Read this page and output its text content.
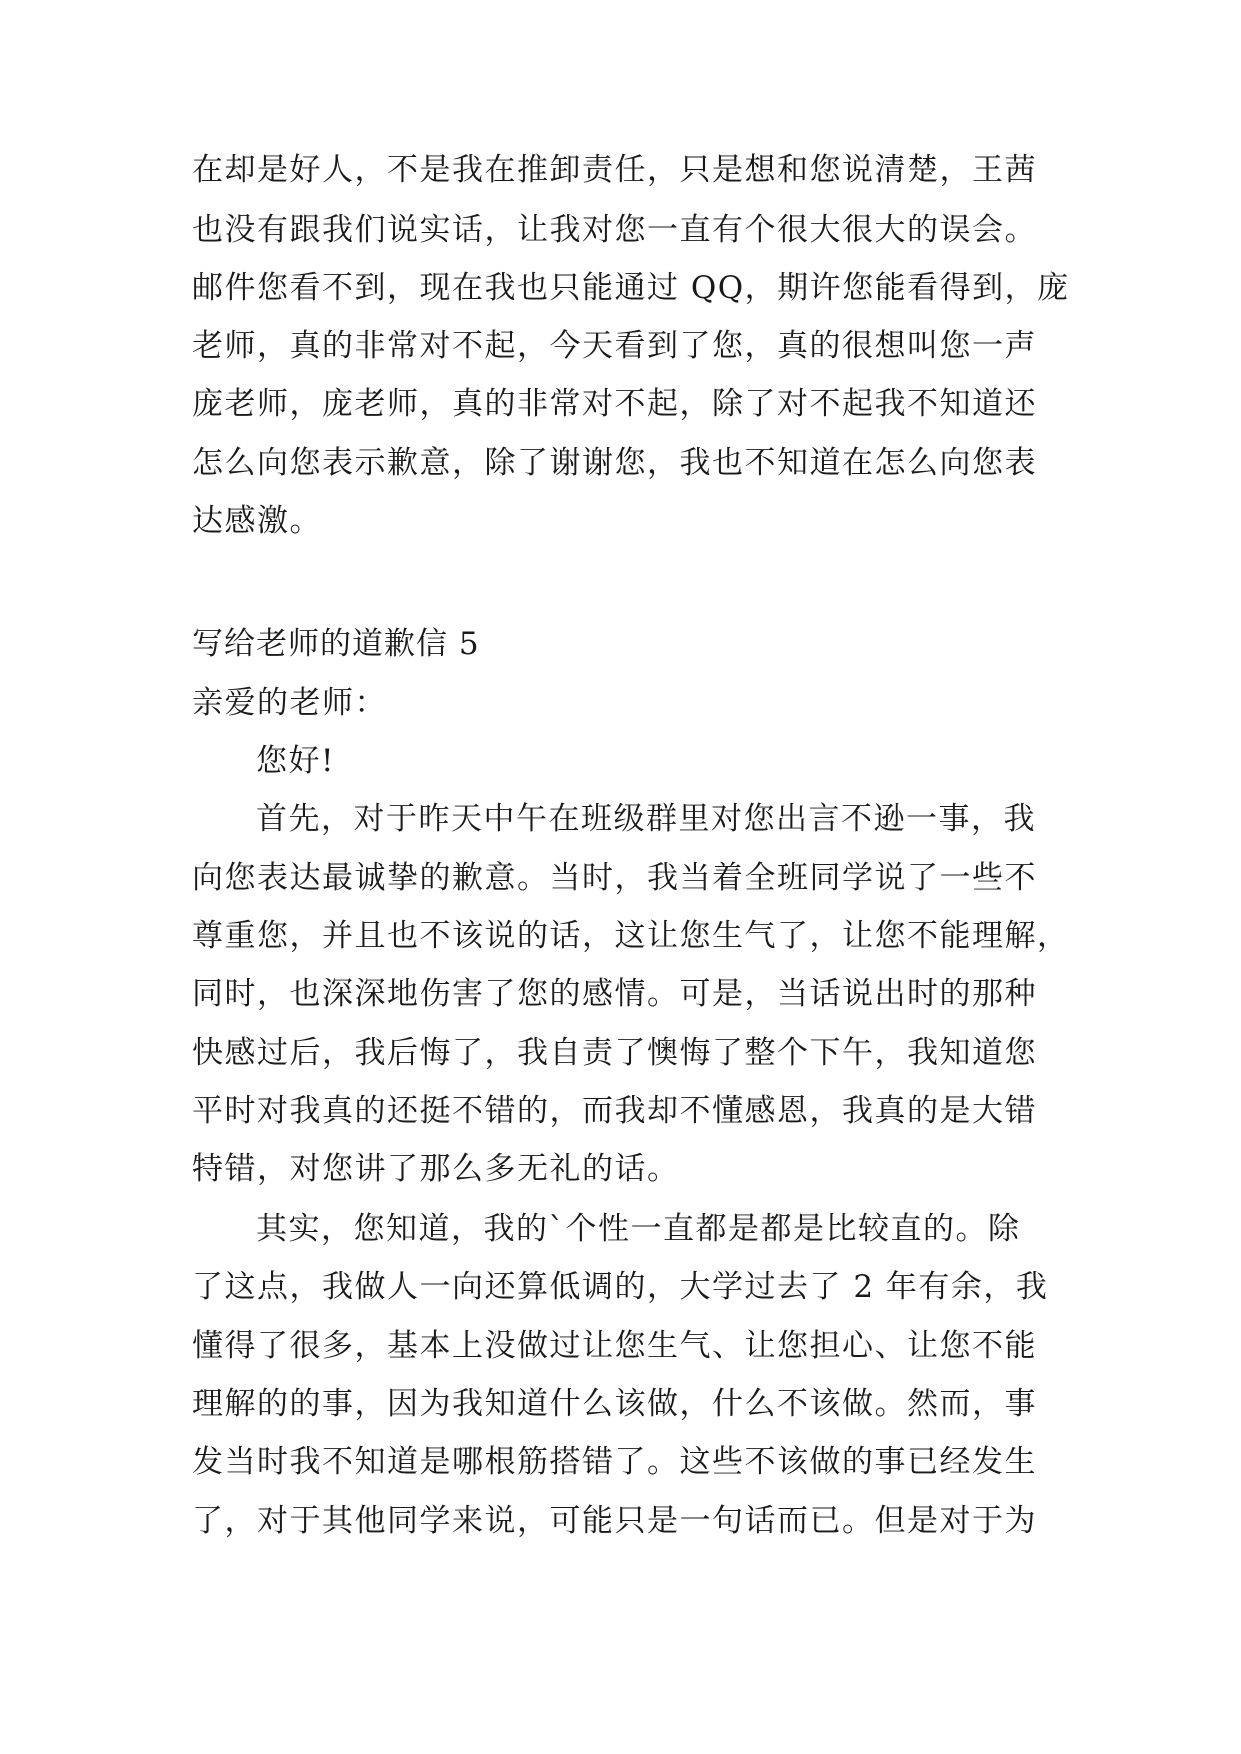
在却是好人，不是我在推卸责任，只是想和您说清楚，王茜
也没有跟我们说实话，让我对您一直有个很大很大的误会。
邮件您看不到，现在我也只能通过 QQ，期许您能看得到，庞
老师，真的非常对不起，今天看到了您，真的很想叫您一声
庞老师，庞老师，真的非常对不起，除了对不起我不知道还
怎么向您表示歉意，除了谢谢您，我也不知道在怎么向您表
达感激。
写给老师的道歉信 5
亲爱的老师：
您好!
首先，对于昨天中午在班级群里对您出言不逊一事，我
向您表达最诚挚的歉意。当时，我当着全班同学说了一些不
尊重您，并且也不该说的话，这让您生气了，让您不能理解，
同时，也深深地伤害了您的感情。可是，当话说出时的那种
快感过后，我后悔了，我自责了懊悔了整个下午，我知道您
平时对我真的还挺不错的，而我却不懂感恩，我真的是大错
特错，对您讲了那么多无礼的话。
其实，您知道，我的`个性一直都是都是比较直的。除
了这点，我做人一向还算低调的，大学过去了 2 年有余，我
懂得了很多，基本上没做过让您生气、让您担心、让您不能
理解的的事，因为我知道什么该做，什么不该做。然而，事
发当时我不知道是哪根筋搭错了。这些不该做的事已经发生
了，对于其他同学来说，可能只是一句话而已。但是对于为
